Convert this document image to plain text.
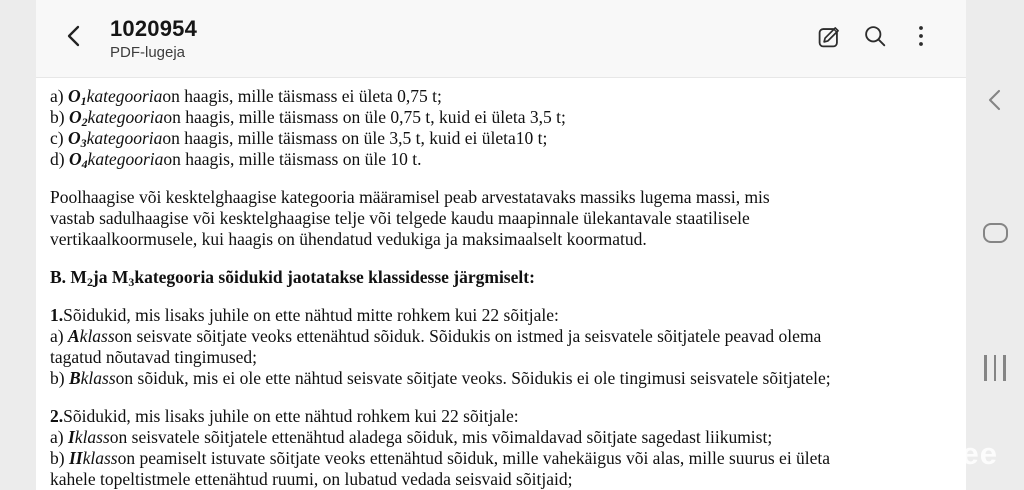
1020954
PDF-lugeja
a) $O_1kategooriaon$ haagis, mille täismass ei ületa 0,75 t;
b) $O_2kategooriaon$ haagis, mille täismass on üle 0,75 t, kuid ei ületa 3,5 t;
c) $O_3kategooriaon$ haagis, mille täismass on üle 3,5 t, kuid ei ületa10 t;
d) $O_4kategooriaon$ haagis, mille täismass on üle 10 t.
Poolhaagise või kesktelghaagise kategooria määramisel peab arvestatavaks massiks lugema massi, mis
vastab sadulhaagise või kesktelghaagise telje või telgede kaudu maapinnale ülekantavale staatilisele
vertikaalkoormusele, kui haagis on ühendatud vedukiga ja maksimaalselt koormatud.
B. $M_2ja$ $M_3kategooria$ sõidukid jaotatakse klassidesse järgmiselt:
1.Sõidukid, mis lisaks juhile on ette nähtud mitte rohkem kui 22 sõitjale:
a) Aklasson seisvate sõitjate veoks ettenähtud sõiduk. Sõidukis on istmed ja seisvatele sõitjatele peavad olema
tagatud nõutavad tingimused;
b) Bklasson sõiduk, mis ei ole ette nähtud seisvate sõitjate veoks. Sõidukis ei ole tingimusi seisvatele sõitjatele;
2.Sõidukid, mis lisaks juhile on ette nähtud rohkem kui 22 sõitjale:
a) Iklasson seisvatele sõitjatele ettenähtud aladega sõiduk, mis võimaldavad sõitjate sagedast liikumist;
b) IIklasson peamiselt istuvate sõitjate veoks ettenähtud sõiduk, mille vahekäigus või alas, mille suurus ei ületa
kahele topeltistmele ettenähtud ruumi, on lubatud vedada seisvaid sõitjaid;
q.ee
